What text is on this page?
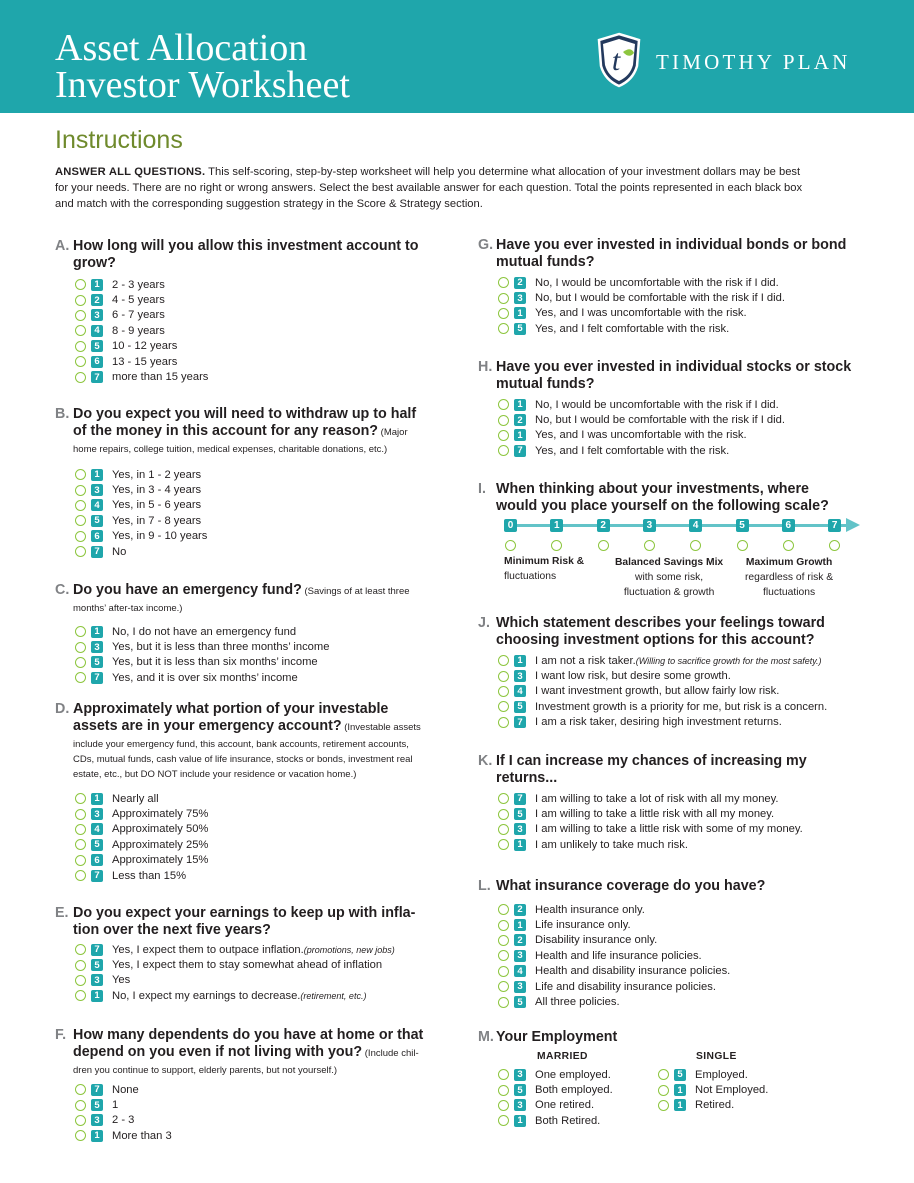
Asset Allocation
Investor Worksheet
t TIMOTHY PLAN
Instructions
ANSWER ALL QUESTIONS. This self-scoring, step-by-step worksheet will help you determine what allocation of your investment dollars may be best
for your needs. There are no right or wrong answers. Select the best available answer for each question. Total the points represented in each black box
and match with the corresponding suggestion strategy in the Score & Strategy section.
A. How long will you allow this investment account to
grow?
1 2 - 3 years
2 4 - 5 years
3 6 - 7 years
4 8 - 9 years
5 10 - 12 years
6 13 - 15 years
7 more than 15 years
B. Do you expect you will need to withdraw up to half
of the money in this account for any reason? (Major
home repairs, college tuition, medical expenses, charitable donations, etc.)
1 Yes, in 1 - 2 years
3 Yes, in 3 - 4 years
4 Yes, in 5 - 6 years
5 Yes, in 7 - 8 years
6 Yes, in 9 - 10 years
7 No
C. Do you have an emergency fund? (Savings of at least three
months’ after-tax income.)
1 No, I do not have an emergency fund
3 Yes, but it is less than three months’ income
5 Yes, but it is less than six months’ income
7 Yes, and it is over six months’ income
D. Approximately what portion of your investable
assets are in your emergency account? (Investable assets
include your emergency fund, this account, bank accounts, retirement accounts,
CDs, mutual funds, cash value of life insurance, stocks or bonds, investment real
estate, etc., but DO NOT include your residence or vacation home.)
1 Nearly all
3 Approximately 75%
4 Approximately 50%
5 Approximately 25%
6 Approximately 15%
7 Less than 15%
E. Do you expect your earnings to keep up with infla-
tion over the next five years?
7 Yes, I expect them to outpace inflation. (promotions, new jobs)
5 Yes, I expect them to stay somewhat ahead of inflation
3 Yes
1 No, I expect my earnings to decrease. (retirement, etc.)
F. How many dependents do you have at home or that
depend on you even if not living with you? (Include chil-
dren you continue to support, elderly parents, but not yourself.)
7 None
5 1
3 2 - 3
1 More than 3
G. Have you ever invested in individual bonds or bond
mutual funds?
2 No, I would be uncomfortable with the risk if I did.
3 No, but I would be comfortable with the risk if I did.
1 Yes, and I was uncomfortable with the risk.
5 Yes, and I felt comfortable with the risk.
H. Have you ever invested in individual stocks or stock
mutual funds?
1 No, I would be uncomfortable with the risk if I did.
2 No, but I would be comfortable with the risk if I did.
1 Yes, and I was uncomfortable with the risk.
7 Yes, and I felt comfortable with the risk.
I. When thinking about your investments, where
would you place yourself on the following scale?
0	1	2	3	4	5	6	7
Minimum Risk &
fluctuations
Balanced Savings Mix
with some risk,
fluctuation & growth
Maximum Growth
regardless of risk &
fluctuations
J. Which statement describes your feelings toward
choosing investment options for this account?
1 I am not a risk taker. (Willing to sacrifice growth for the most safety.)
3 I want low risk, but desire some growth.
4 I want investment growth, but allow fairly low risk.
5 Investment growth is a priority for me, but risk is a concern.
7 I am a risk taker, desiring high investment returns.
K. If I can increase my chances of increasing my
returns...
7 I am willing to take a lot of risk with all my money.
5 I am willing to take a little risk with all my money.
3 I am willing to take a little risk with some of my money.
1 I am unlikely to take much risk.
L. What insurance coverage do you have?
2 Health insurance only.
1 Life insurance only.
2 Disability insurance only.
3 Health and life insurance policies.
4 Health and disability insurance policies.
3 Life and disability insurance policies.
5 All three policies.
M. Your Employment
MARRIED
3 One employed.
5 Both employed.
3 One retired.
1 Both Retired.
SINGLE
5 Employed.
1 Not Employed.
1 Retired.
